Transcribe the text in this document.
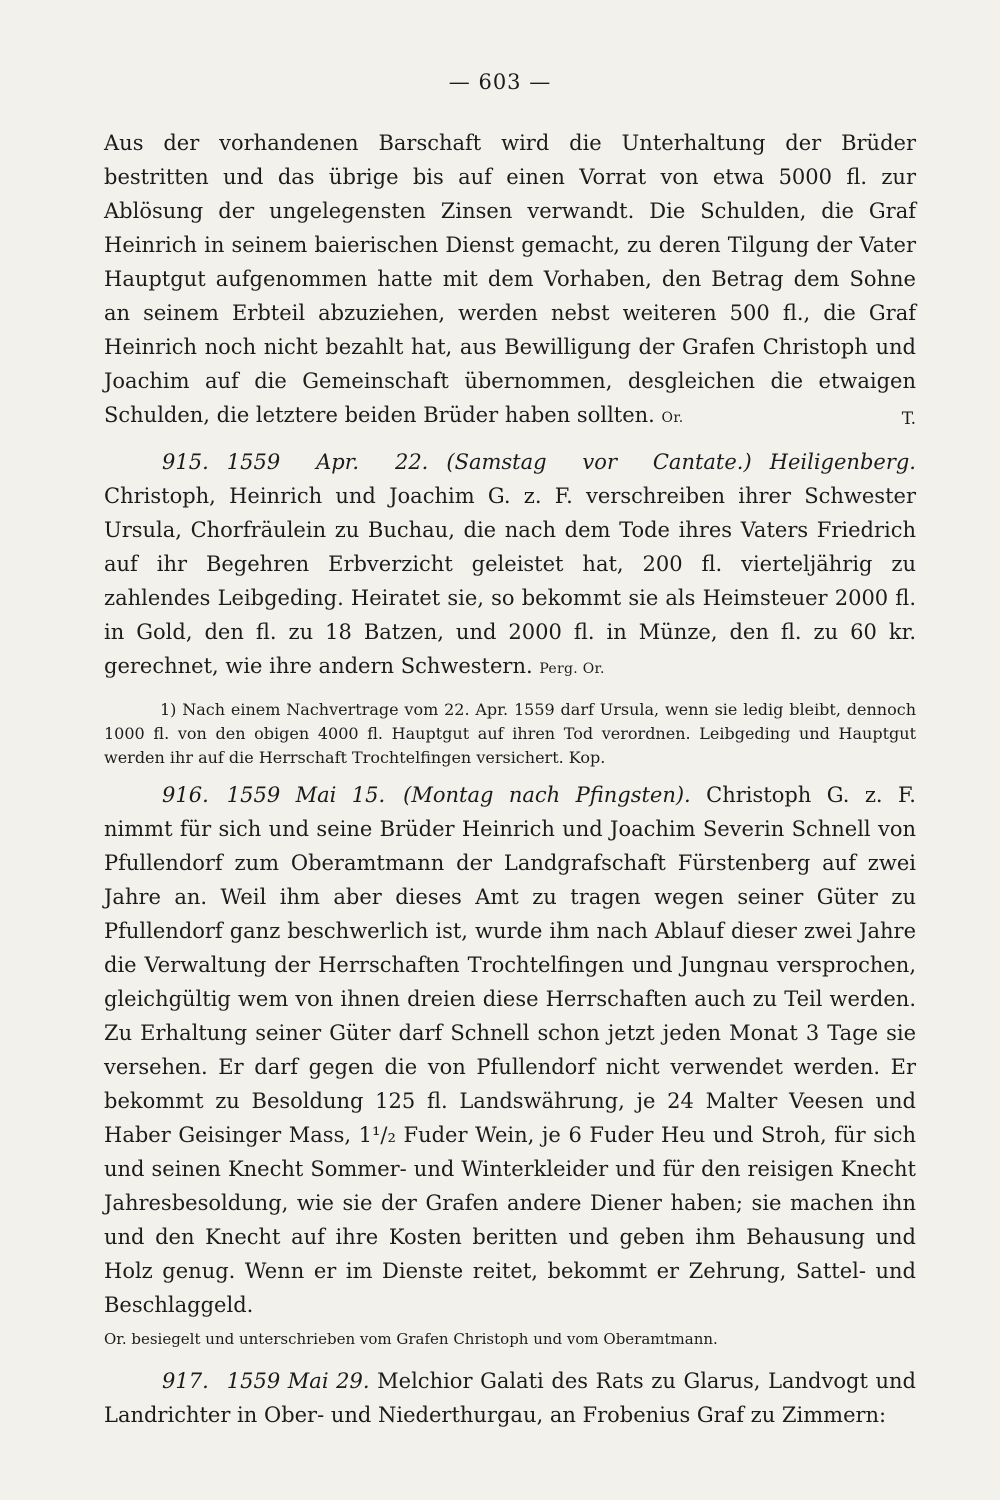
— 603 —

Aus der vorhandenen Barschaft wird die Unterhaltung der Brüder bestritten und das übrige bis auf einen Vorrat von etwa 5000 fl. zur Ablösung der ungelegensten Zinsen verwandt. Die Schulden, die Graf Heinrich in seinem baierischen Dienst gemacht, zu deren Tilgung der Vater Hauptgut aufgenommen hatte mit dem Vorhaben, den Betrag dem Sohne an seinem Erbteil abzuziehen, werden nebst weiteren 500 fl., die Graf Heinrich noch nicht bezahlt hat, aus Bewilligung der Grafen Christoph und Joachim auf die Gemeinschaft übernommen, desgleichen die etwaigen Schulden, die letztere beiden Brüder haben sollten. Or.	T.

915. 1559 Apr. 22. (Samstag vor Cantate.) Heiligenberg. Christoph, Heinrich und Joachim G. z. F. verschreiben ihrer Schwester Ursula, Chorfräulein zu Buchau, die nach dem Tode ihres Vaters Friedrich auf ihr Begehren Erbverzicht geleistet hat, 200 fl. vierteljährig zu zahlendes Leibgeding. Heiratet sie, so bekommt sie als Heimsteuer 2000 fl. in Gold, den fl. zu 18 Batzen, und 2000 fl. in Münze, den fl. zu 60 kr. gerechnet, wie ihre andern Schwestern. Perg. Or.

1) Nach einem Nachvertrage vom 22. Apr. 1559 darf Ursula, wenn sie ledig bleibt, dennoch 1000 fl. von den obigen 4000 fl. Hauptgut auf ihren Tod verordnen. Leibgeding und Hauptgut werden ihr auf die Herrschaft Trochtelfingen versichert. Kop.

916. 1559 Mai 15. (Montag nach Pfingsten). Christoph G. z. F. nimmt für sich und seine Brüder Heinrich und Joachim Severin Schnell von Pfullendorf zum Oberamtmann der Landgrafschaft Fürstenberg auf zwei Jahre an. Weil ihm aber dieses Amt zu tragen wegen seiner Güter zu Pfullendorf ganz beschwerlich ist, wurde ihm nach Ablauf dieser zwei Jahre die Verwaltung der Herrschaften Trochtelfingen und Jungnau versprochen, gleichgültig wem von ihnen dreien diese Herrschaften auch zu Teil werden. Zu Erhaltung seiner Güter darf Schnell schon jetzt jeden Monat 3 Tage sie versehen. Er darf gegen die von Pfullendorf nicht verwendet werden. Er bekommt zu Besoldung 125 fl. Landswährung, je 24 Malter Veesen und Haber Geisinger Mass, 1¹/₂ Fuder Wein, je 6 Fuder Heu und Stroh, für sich und seinen Knecht Sommer- und Winterkleider und für den reisigen Knecht Jahresbesoldung, wie sie der Grafen andere Diener haben; sie machen ihn und den Knecht auf ihre Kosten beritten und geben ihm Behausung und Holz genug. Wenn er im Dienste reitet, bekommt er Zehrung, Sattel- und Beschlaggeld.

Or. besiegelt und unterschrieben vom Grafen Christoph und vom Oberamtmann.

917. 1559 Mai 29. Melchior Galati des Rats zu Glarus, Landvogt und Landrichter in Ober- und Niederthurgau, an Frobenius Graf zu Zimmern:
